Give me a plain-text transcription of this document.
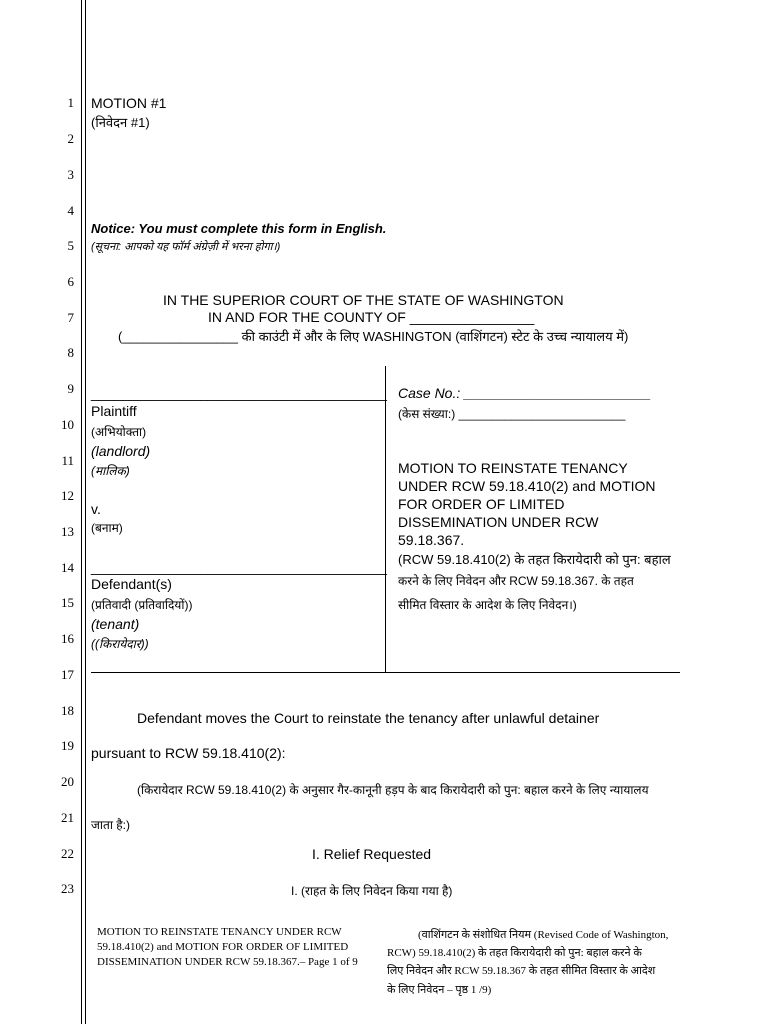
1
2
3
4
5
6
7
8
9
10
11
12
13
14
15
16
17
18
19
20
21
22
23
MOTION #1
(निवेदन #1)
Notice: You must complete this form in English.
(सूचना: आपको यह फॉर्म अंग्रेज़ी में भरना होगा।)
IN THE SUPERIOR COURT OF THE STATE OF WASHINGTON
IN AND FOR THE COUNTY OF ________________
(________________ की काउंटी में और के लिए WASHINGTON (वाशिंगटन) स्टेट के उच्च न्यायालय में)
______________________________________
Plaintiff
(अभियोक्ता)
(landlord)
(मालिक)
v.
(बनाम)
______________________________________
Defendant(s)
(प्रतिवादी (प्रतिवादियों))
(tenant)
((किरायेदार))
Case No.: ________________________
(केस संख्या:) _________________________
MOTION TO REINSTATE TENANCY
UNDER RCW 59.18.410(2) and MOTION
FOR ORDER OF LIMITED
DISSEMINATION UNDER RCW
59.18.367.
(RCW 59.18.410(2) के तहत किरायेदारी को पुन: बहाल
करने के लिए निवेदन और RCW 59.18.367. के तहत
सीमित विस्तार के आदेश के लिए निवेदन।)
Defendant moves the Court to reinstate the tenancy after unlawful detainer
pursuant to RCW 59.18.410(2):
(किरायेदार RCW 59.18.410(2) के अनुसार गैर-कानूनी हड़प के बाद किरायेदारी को पुन: बहाल करने के लिए न्यायालय
जाता है:)
I. Relief Requested
I. (राहत के लिए निवेदन किया गया है)
MOTION TO REINSTATE TENANCY UNDER RCW
59.18.410(2) and MOTION FOR ORDER OF LIMITED
DISSEMINATION UNDER RCW 59.18.367.– Page 1 of 9
(वाशिंगटन के संशोधित नियम (Revised Code of Washington,
RCW) 59.18.410(2) के तहत किरायेदारी को पुन: बहाल करने के
लिए निवेदन और RCW 59.18.367 के तहत सीमित विस्तार के आदेश
के लिए निवेदन – पृष्ठ 1 /9)
